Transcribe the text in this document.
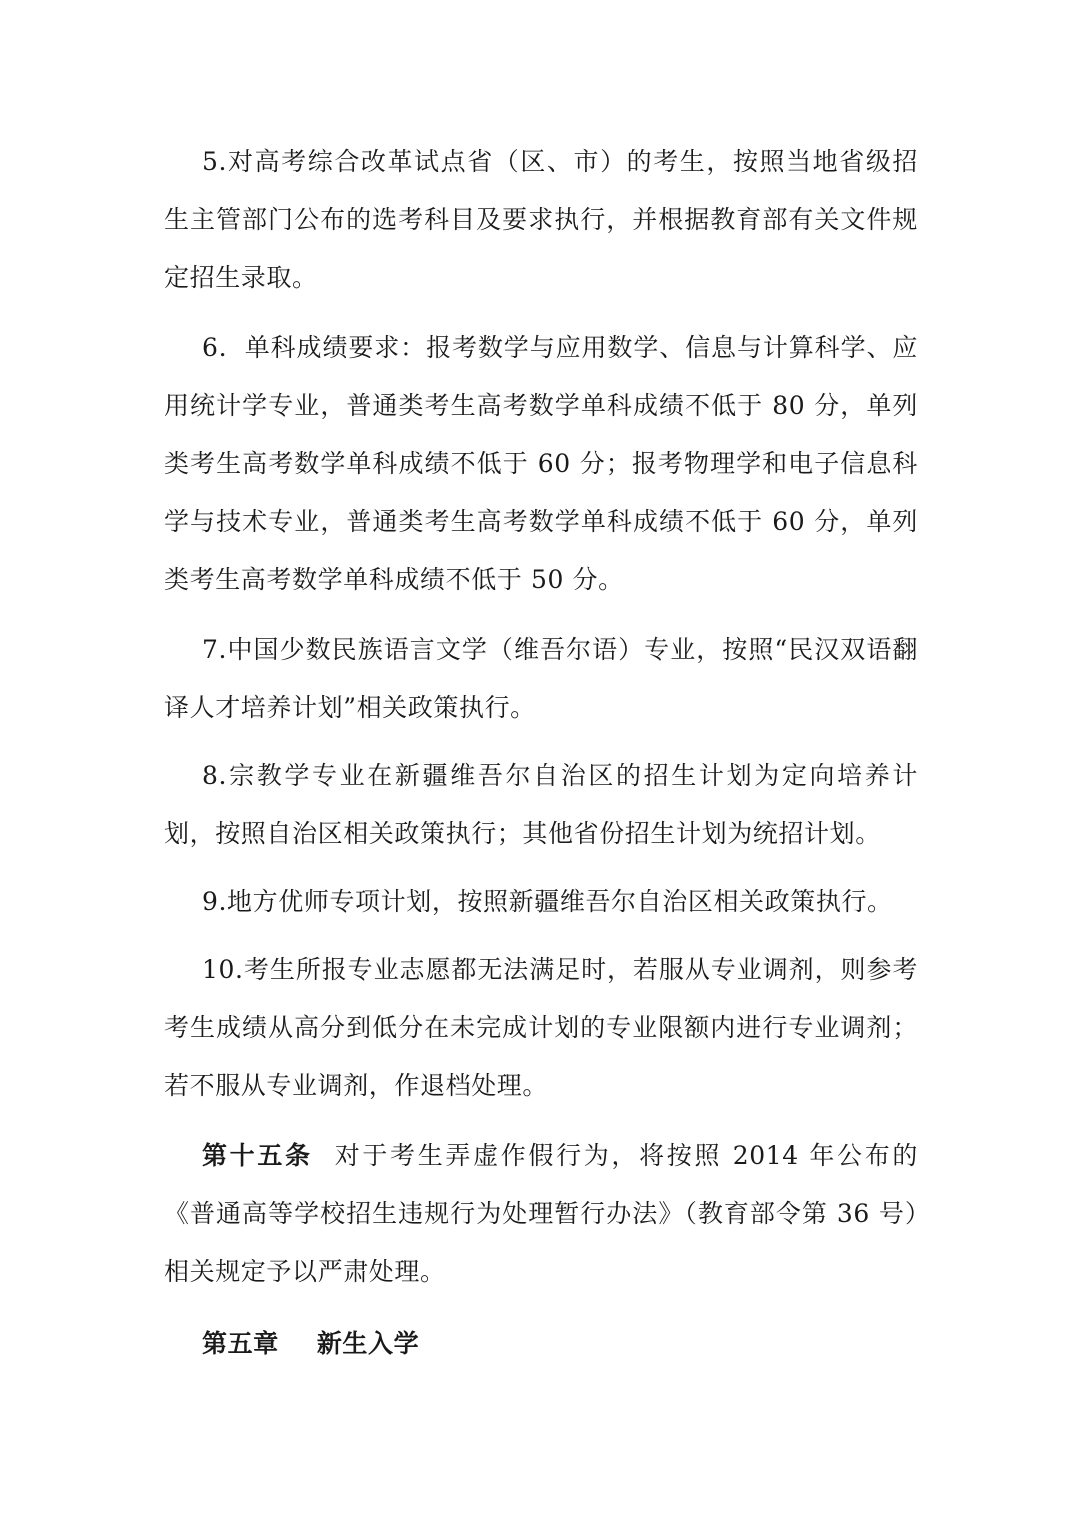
5.对高考综合改革试点省（区、市）的考生，按照当地省级招生主管部门公布的选考科目及要求执行，并根据教育部有关文件规定招生录取。

6．单科成绩要求：报考数学与应用数学、信息与计算科学、应用统计学专业，普通类考生高考数学单科成绩不低于 80 分，单列类考生高考数学单科成绩不低于 60 分；报考物理学和电子信息科学与技术专业，普通类考生高考数学单科成绩不低于 60 分，单列类考生高考数学单科成绩不低于 50 分。

7.中国少数民族语言文学（维吾尔语）专业，按照“民汉双语翻译人才培养计划”相关政策执行。

8.宗教学专业在新疆维吾尔自治区的招生计划为定向培养计划，按照自治区相关政策执行；其他省份招生计划为统招计划。

9.地方优师专项计划，按照新疆维吾尔自治区相关政策执行。

10.考生所报专业志愿都无法满足时，若服从专业调剂，则参考考生成绩从高分到低分在未完成计划的专业限额内进行专业调剂；若不服从专业调剂，作退档处理。

第十五条 对于考生弄虚作假行为，将按照 2014 年公布的《普通高等学校招生违规行为处理暂行办法》（教育部令第 36 号）相关规定予以严肃处理。

第五章 新生入学
